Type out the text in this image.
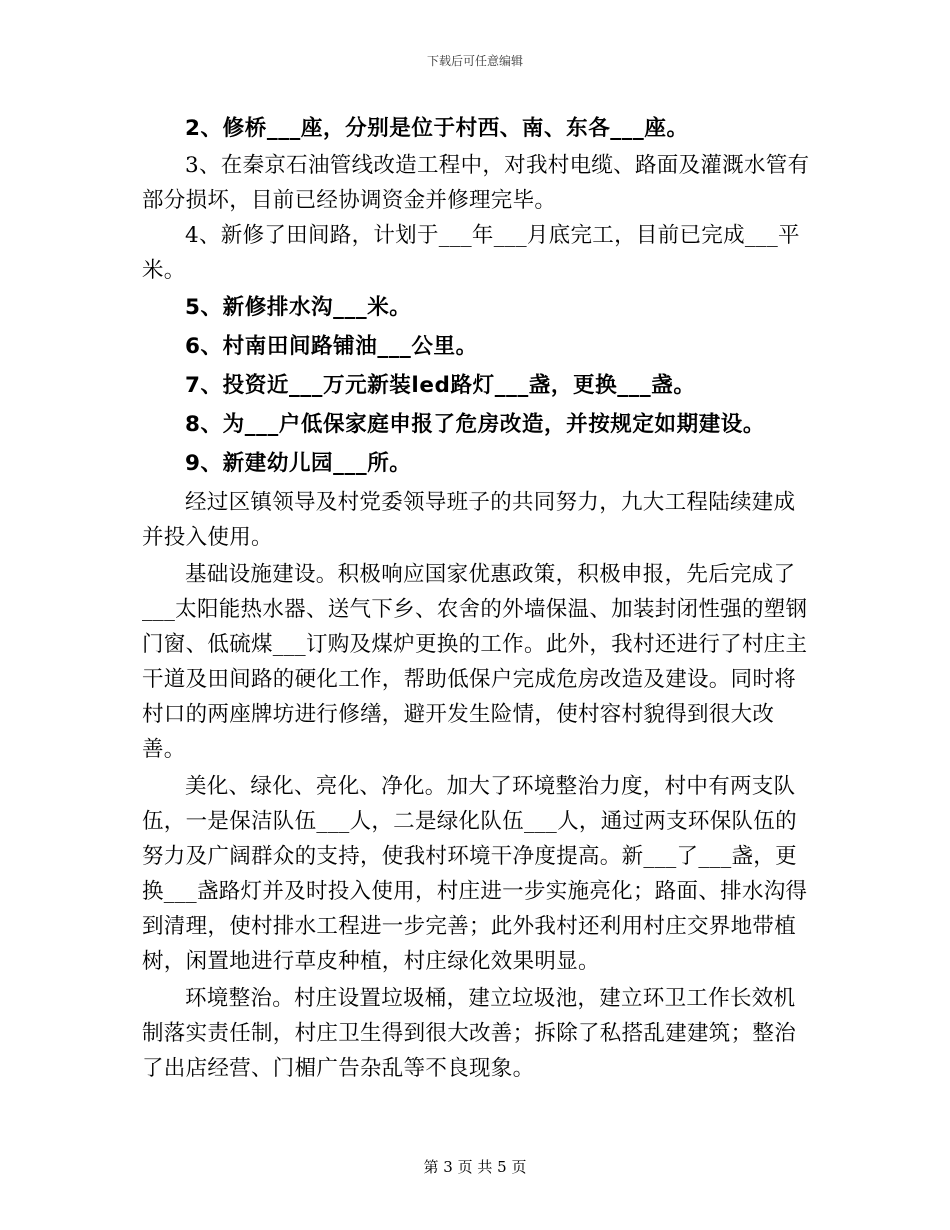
下载后可任意编辑

2、修桥___座，分别是位于村西、南、东各___座。

3、在秦京石油管线改造工程中，对我村电缆、路面及灌溉水管有部分损坏，目前已经协调资金并修理完毕。

4、新修了田间路，计划于___年___月底完工，目前已完成___平米。

5、新修排水沟___米。

6、村南田间路铺油___公里。

7、投资近___万元新装led路灯___盏，更换___盏。

8、为___户低保家庭申报了危房改造，并按规定如期建设。

9、新建幼儿园___所。

经过区镇领导及村党委领导班子的共同努力，九大工程陆续建成并投入使用。

基础设施建设。积极响应国家优惠政策，积极申报，先后完成了___太阳能热水器、送气下乡、农舍的外墙保温、加装封闭性强的塑钢门窗、低硫煤___订购及煤炉更换的工作。此外，我村还进行了村庄主干道及田间路的硬化工作，帮助低保户完成危房改造及建设。同时将村口的两座牌坊进行修缮，避开发生险情，使村容村貌得到很大改善。

美化、绿化、亮化、净化。加大了环境整治力度，村中有两支队伍，一是保洁队伍___人，二是绿化队伍___人，通过两支环保队伍的努力及广阔群众的支持，使我村环境干净度提高。新___了___盏，更换___盏路灯并及时投入使用，村庄进一步实施亮化；路面、排水沟得到清理，使村排水工程进一步完善；此外我村还利用村庄交界地带植树，闲置地进行草皮种植，村庄绿化效果明显。

环境整治。村庄设置垃圾桶，建立垃圾池，建立环卫工作长效机制落实责任制，村庄卫生得到很大改善；拆除了私搭乱建建筑；整治了出店经营、门楣广告杂乱等不良现象。

第 3 页 共 5 页
